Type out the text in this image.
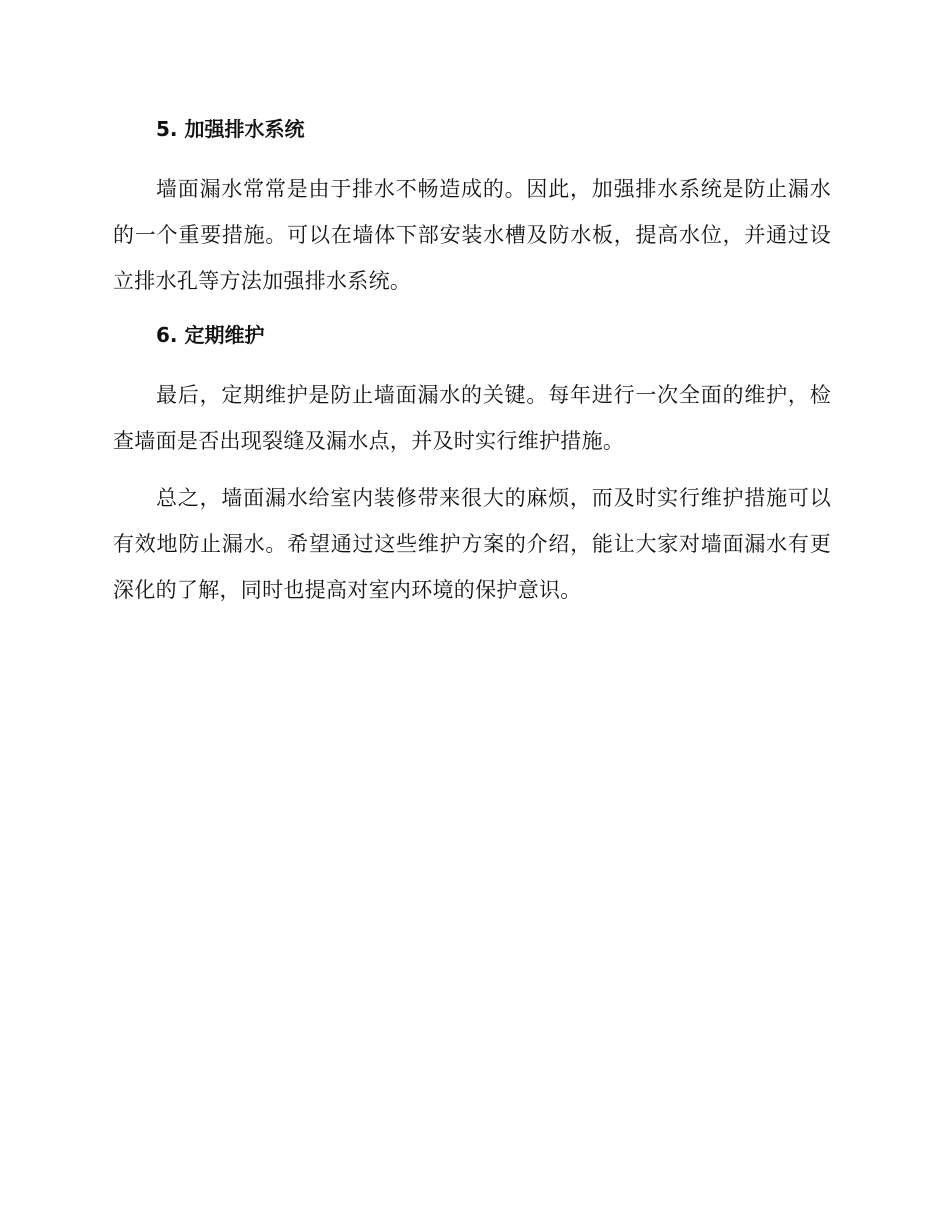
5. 加强排水系统

墙面漏水常常是由于排水不畅造成的。因此，加强排水系统是防止漏水的一个重要措施。可以在墙体下部安装水槽及防水板，提高水位，并通过设立排水孔等方法加强排水系统。

6. 定期维护

最后，定期维护是防止墙面漏水的关键。每年进行一次全面的维护，检查墙面是否出现裂缝及漏水点，并及时实行维护措施。

总之，墙面漏水给室内装修带来很大的麻烦，而及时实行维护措施可以有效地防止漏水。希望通过这些维护方案的介绍，能让大家对墙面漏水有更深化的了解，同时也提高对室内环境的保护意识。
